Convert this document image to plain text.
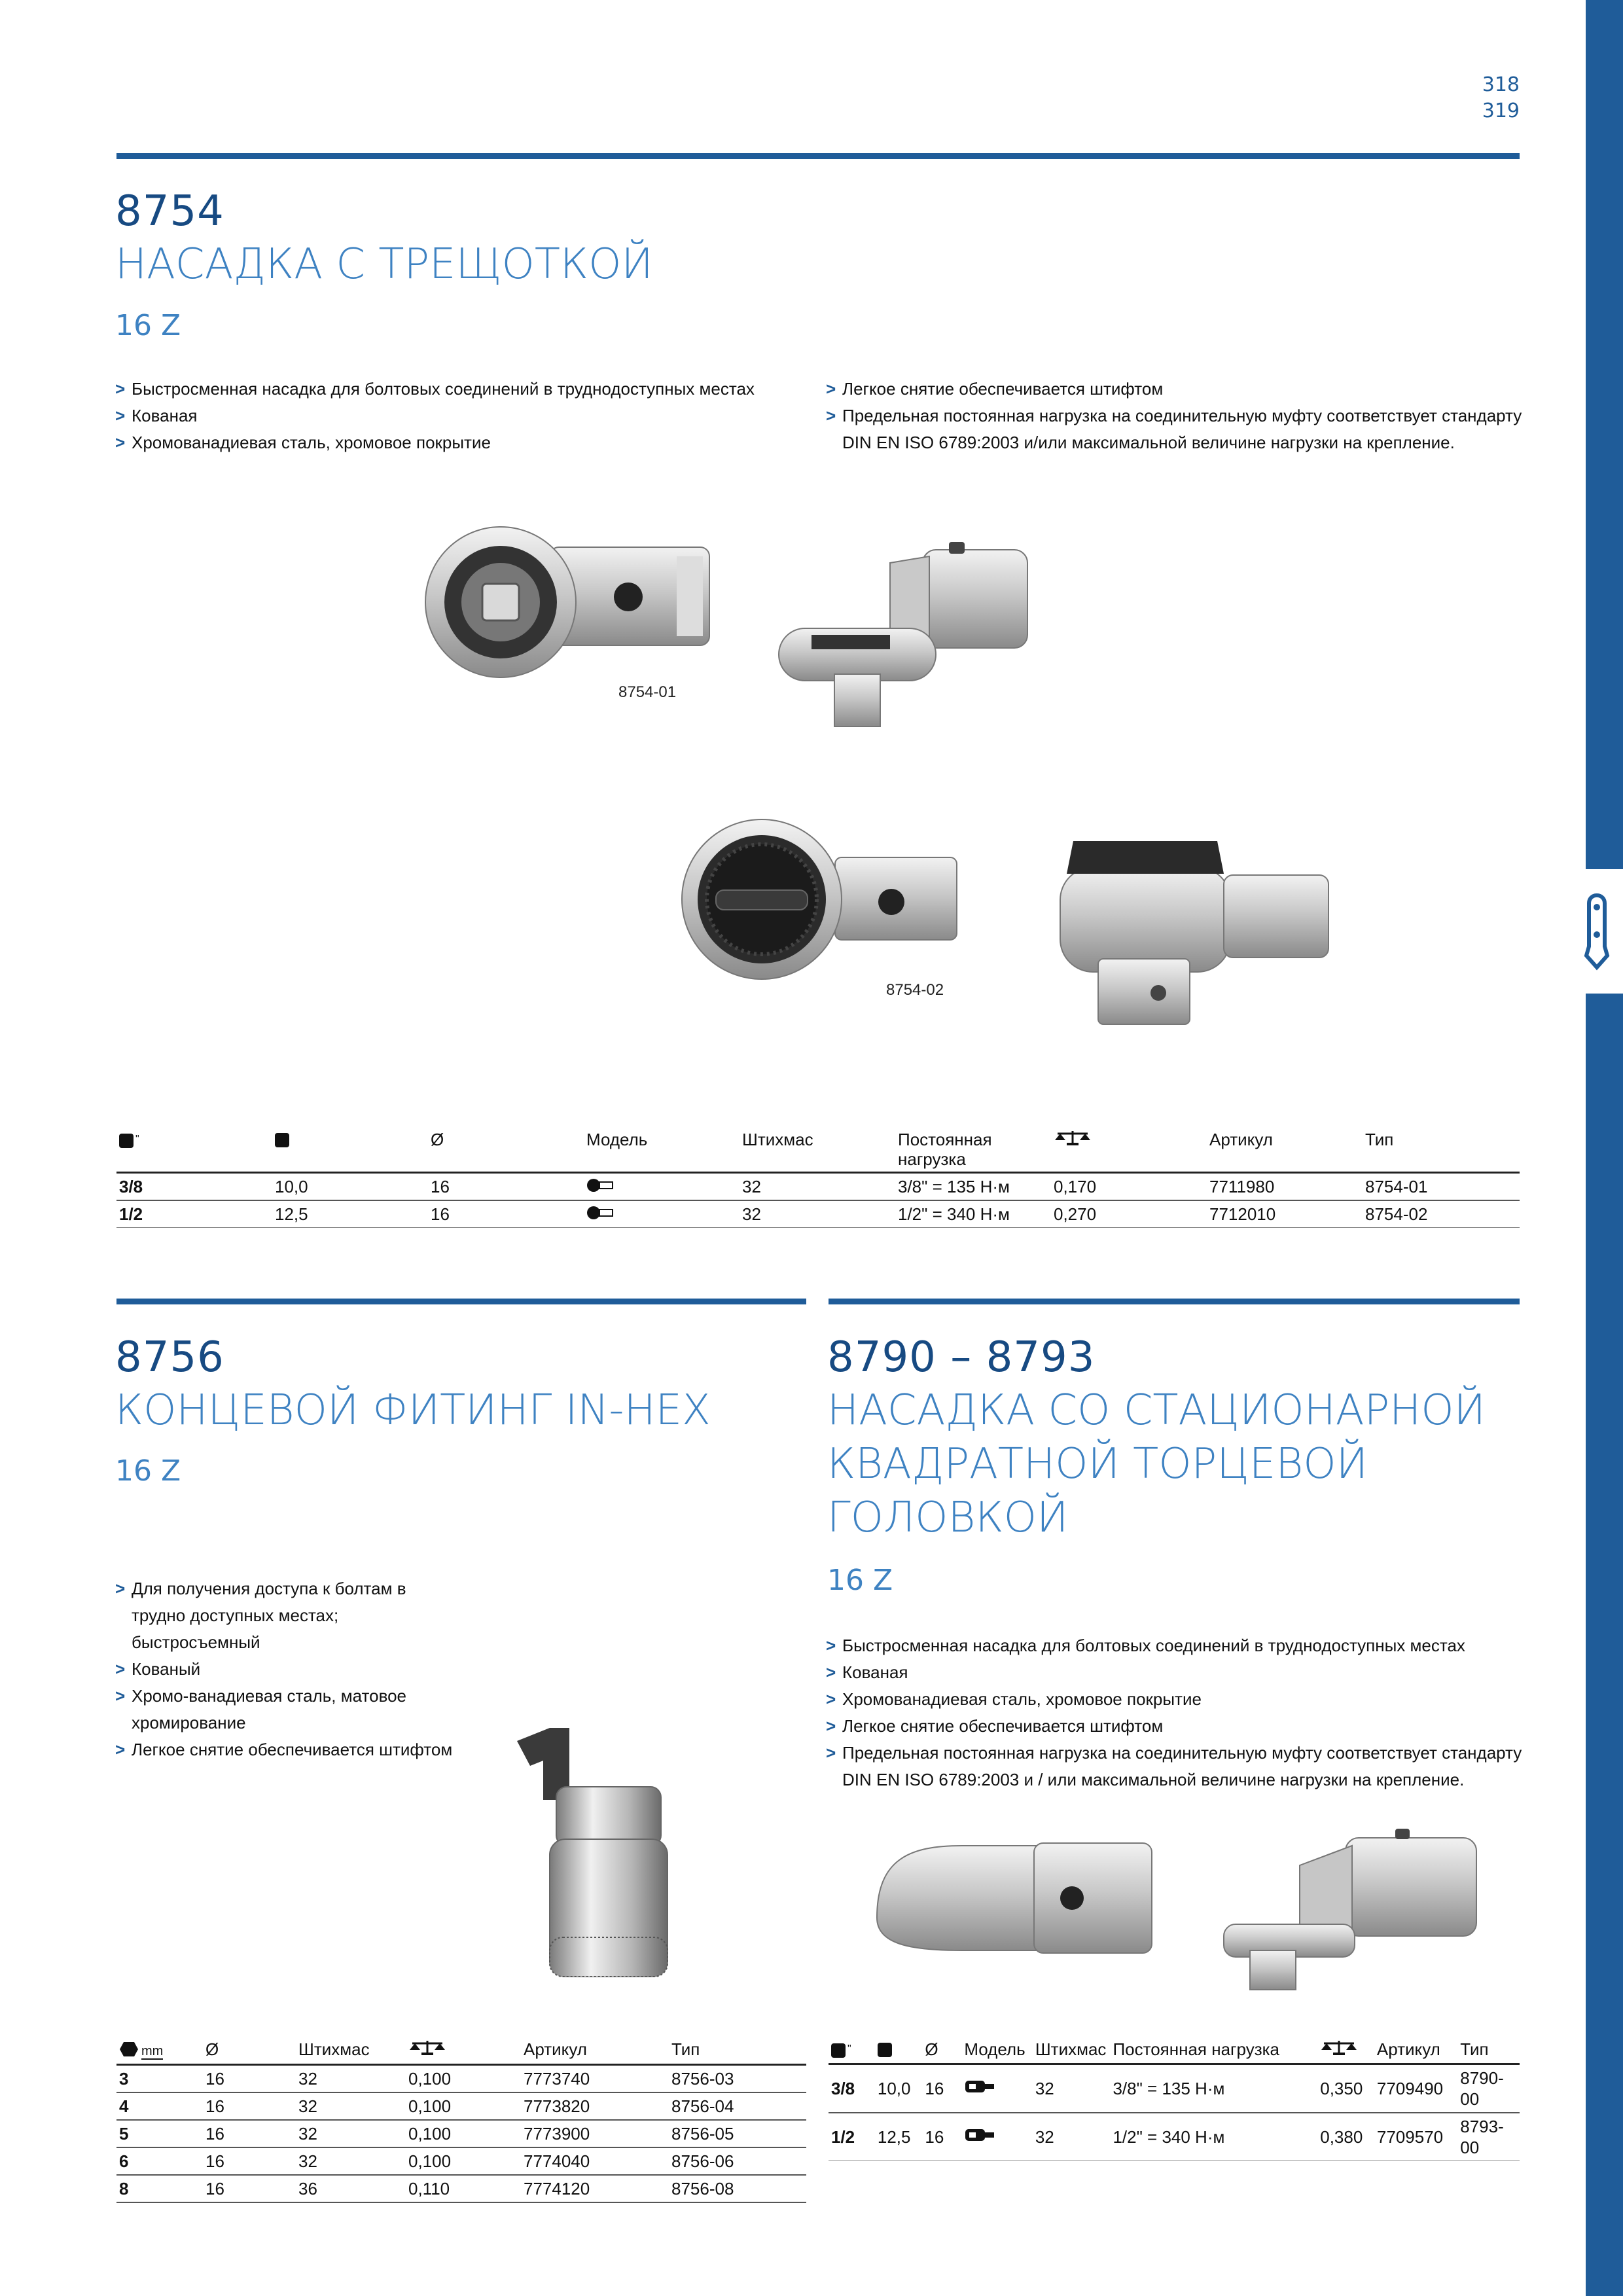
318
319
8754
НАСАДКА С ТРЕЩОТКОЙ
16 Z
> Быстросменная насадка для болтовых соединений в труднодоступных местах
> Кованая
> Хромованадиевая сталь, хромовое покрытие
> Легкое снятие обеспечивается штифтом
> Предельная постоянная нагрузка на соединительную муфту соответствует стандарту DIN EN ISO 6789:2003 и/или максимальной величине нагрузки на крепление.
8754-01
8754-02
"		Ø	Модель	Штихмас	Постоянная нагрузка		Артикул	Тип
3/8	10,0	16		32	3/8" = 135 Н·м	0,170	7711980	8754-01
1/2	12,5	16		32	1/2" = 340 Н·м	0,270	7712010	8754-02
8756
КОНЦЕВОЙ ФИТИНГ IN-HEX
16 Z
> Для получения доступа к болтам в трудно доступных местах; быстросъемный
> Кованый
> Хромо-ванадиевая сталь, матовое хромирование
> Легкое снятие обеспечивается штифтом
mm	Ø	Штихмас		Артикул	Тип
3	16	32	0,100	7773740	8756-03
4	16	32	0,100	7773820	8756-04
5	16	32	0,100	7773900	8756-05
6	16	32	0,100	7774040	8756-06
8	16	36	0,110	7774120	8756-08
8790 – 8793
НАСАДКА СО СТАЦИОНАРНОЙ
КВАДРАТНОЙ ТОРЦЕВОЙ
ГОЛОВКОЙ
16 Z
> Быстросменная насадка для болтовых соединений в труднодоступных местах
> Кованая
> Хромованадиевая сталь, хромовое покрытие
> Легкое снятие обеспечивается штифтом
> Предельная постоянная нагрузка на соединительную муфту соответствует стандарту DIN EN ISO 6789:2003 и / или максимальной величине нагрузки на крепление.
"		Ø	Модель	Штихмас	Постоянная нагрузка		Артикул	Тип
3/8	10,0	16		32	3/8" = 135 Н·м	0,350	7709490	8790-00
1/2	12,5	16		32	1/2" = 340 Н·м	0,380	7709570	8793-00
